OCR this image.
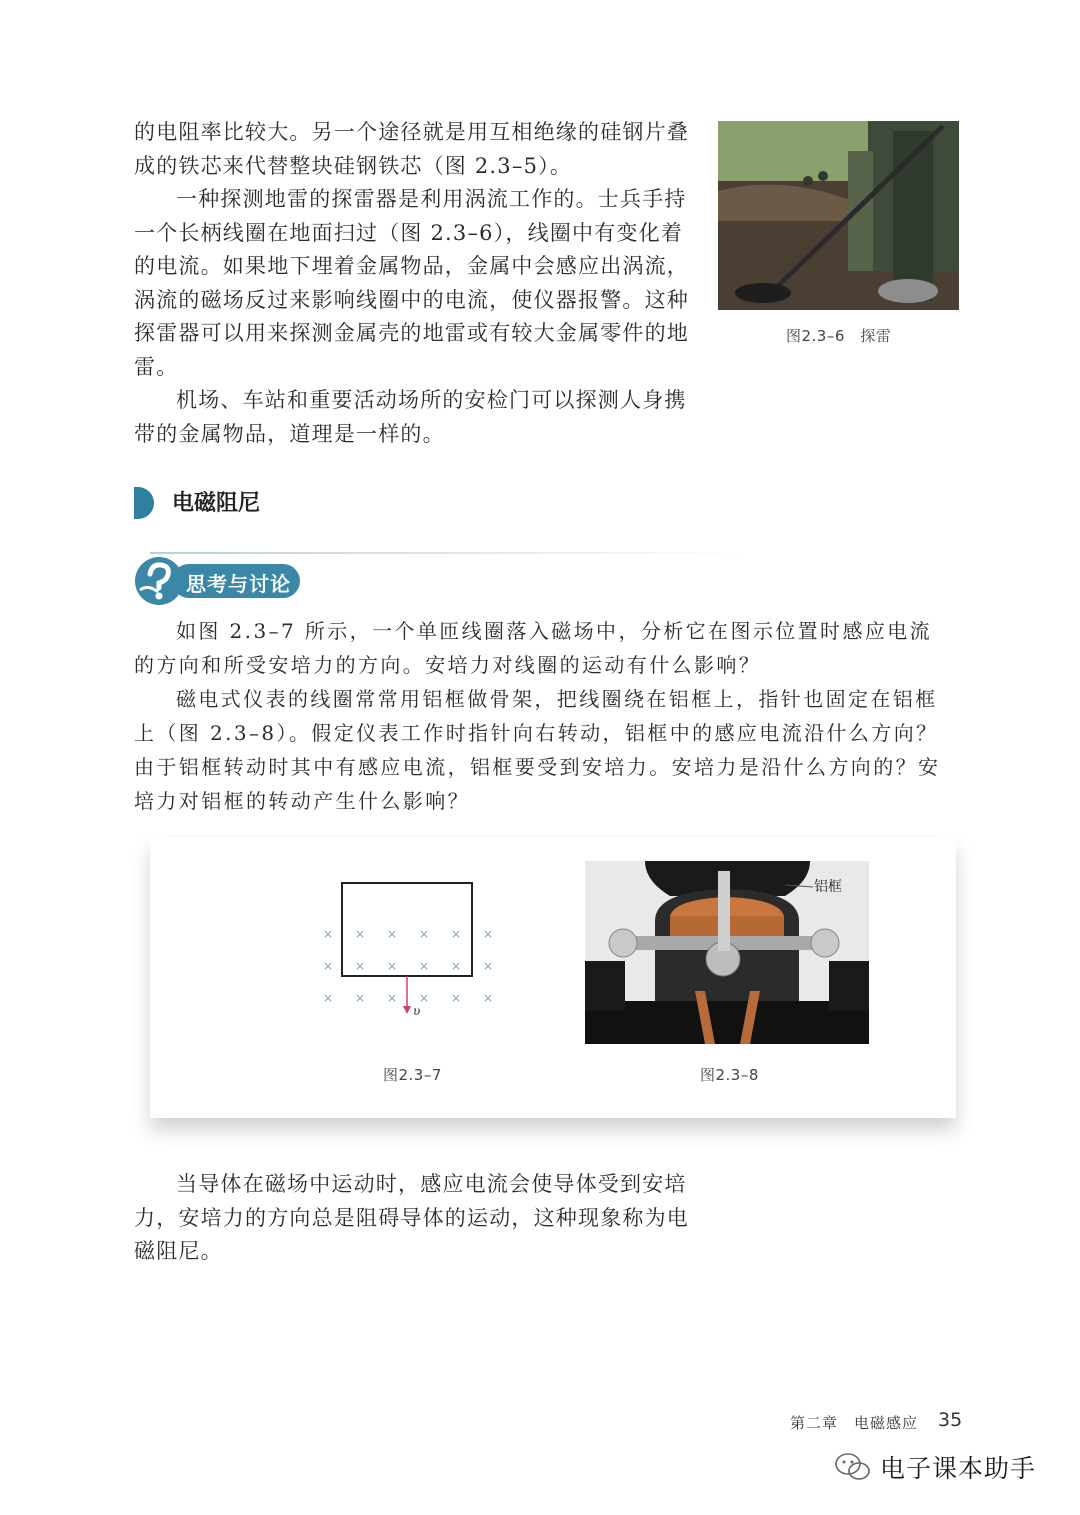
的电阻率比较大。另一个途径就是用互相绝缘的硅钢片叠成的铁芯来代替整块硅钢铁芯（图 2.3–5）。

一种探测地雷的探雷器是利用涡流工作的。士兵手持一个长柄线圈在地面扫过（图 2.3–6），线圈中有变化着的电流。如果地下埋着金属物品，金属中会感应出涡流，涡流的磁场反过来影响线圈中的电流，使仪器报警。这种探雷器可以用来探测金属壳的地雷或有较大金属零件的地雷。

机场、车站和重要活动场所的安检门可以探测人身携带的金属物品，道理是一样的。

图2.3–6　探雷
电磁阻尼
思考与讨论

如图 2.3–7 所示，一个单匝线圈落入磁场中，分析它在图示位置时感应电流的方向和所受安培力的方向。安培力对线圈的运动有什么影响？

磁电式仪表的线圈常常用铝框做骨架，把线圈绕在铝框上，指针也固定在铝框上（图 2.3–8）。假定仪表工作时指针向右转动，铝框中的感应电流沿什么方向？由于铝框转动时其中有感应电流，铝框要受到安培力。安培力是沿什么方向的？安培力对铝框的转动产生什么影响？

× × × × × ×
× × × × × ×
× × × × × ×
υ
铝框
图2.3–7	图2.3–8

当导体在磁场中运动时，感应电流会使导体受到安培力，安培力的方向总是阻碍导体的运动，这种现象称为电磁阻尼。

第二章　电磁感应 35
电子课本助手
